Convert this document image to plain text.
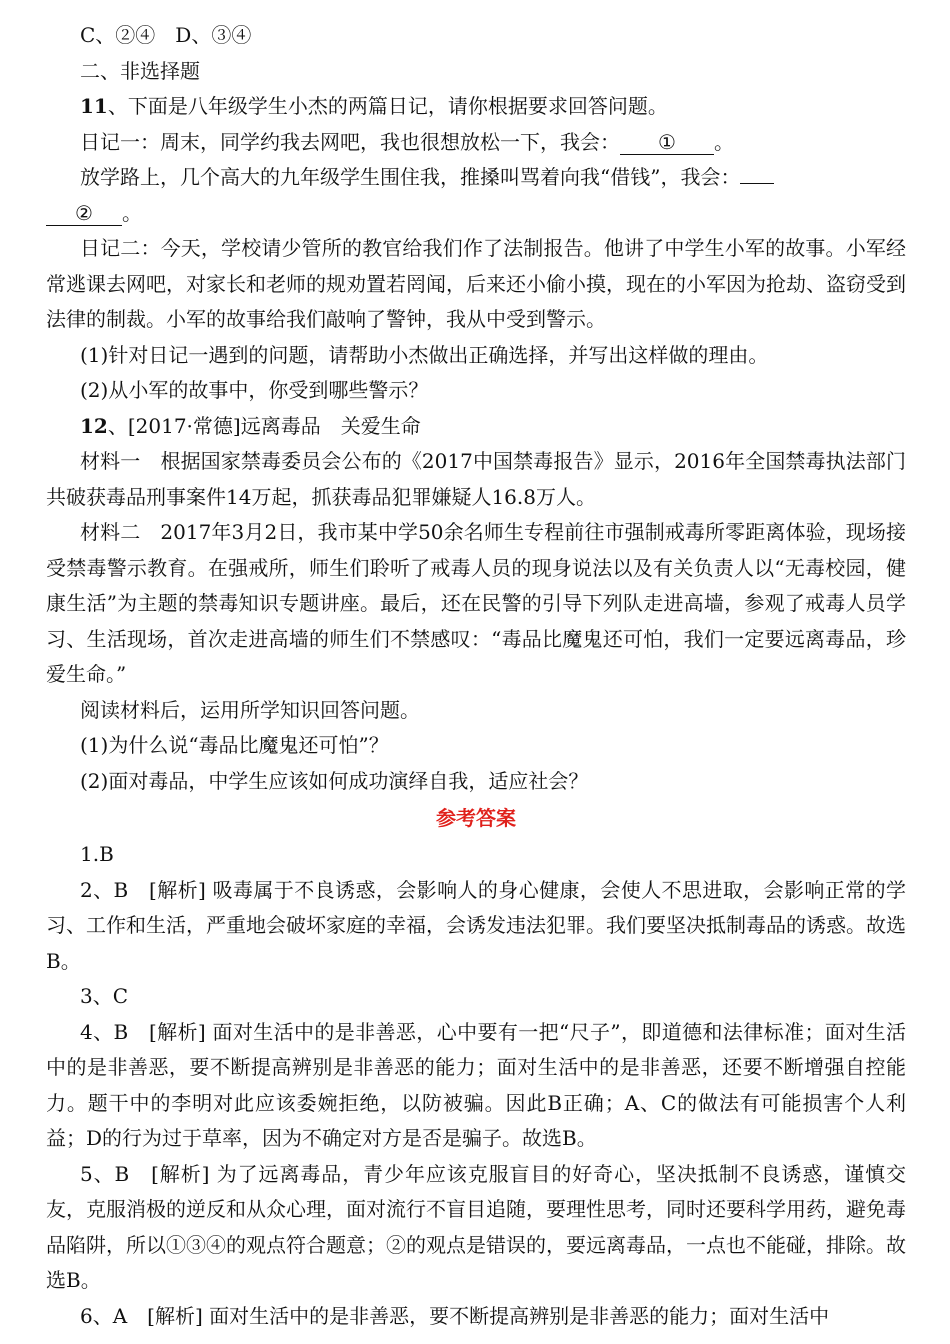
C、②④　D、③④

二、非选择题

11、下面是八年级学生小杰的两篇日记，请你根据要求回答问题。

日记一：周末，同学约我去网吧，我也很想放松一下，我会： ① 。

放学路上，几个高大的九年级学生围住我，推搡叫骂着向我“借钱”，我会：
② 。

日记二：今天，学校请少管所的教官给我们作了法制报告。他讲了中学生小军的故事。小军经常逃课去网吧，对家长和老师的规劝置若罔闻，后来还小偷小摸，现在的小军因为抢劫、盗窃受到法律的制裁。小军的故事给我们敲响了警钟，我从中受到警示。

(1)针对日记一遇到的问题，请帮助小杰做出正确选择，并写出这样做的理由。

(2)从小军的故事中，你受到哪些警示？

12、[2017·常德]远离毒品　关爱生命

材料一　根据国家禁毒委员会公布的《2017中国禁毒报告》显示，2016年全国禁毒执法部门共破获毒品刑事案件14万起，抓获毒品犯罪嫌疑人16.8万人。

材料二　2017年3月2日，我市某中学50余名师生专程前往市强制戒毒所零距离体验，现场接受禁毒警示教育。在强戒所，师生们聆听了戒毒人员的现身说法以及有关负责人以“无毒校园，健康生活”为主题的禁毒知识专题讲座。最后，还在民警的引导下列队走进高墙，参观了戒毒人员学习、生活现场，首次走进高墙的师生们不禁感叹：“毒品比魔鬼还可怕，我们一定要远离毒品，珍爱生命。”

阅读材料后，运用所学知识回答问题。

(1)为什么说“毒品比魔鬼还可怕”？

(2)面对毒品，中学生应该如何成功演绎自我，适应社会？

参考答案

1.B

2、B　[解析] 吸毒属于不良诱惑，会影响人的身心健康，会使人不思进取，会影响正常的学习、工作和生活，严重地会破坏家庭的幸福，会诱发违法犯罪。我们要坚决抵制毒品的诱惑。故选B。

3、C

4、B　[解析] 面对生活中的是非善恶，心中要有一把“尺子”，即道德和法律标准；面对生活中的是非善恶，要不断提高辨别是非善恶的能力；面对生活中的是非善恶，还要不断增强自控能力。题干中的李明对此应该委婉拒绝，以防被骗。因此B正确；A、C的做法有可能损害个人利益；D的行为过于草率，因为不确定对方是否是骗子。故选B。

5、B　[解析] 为了远离毒品，青少年应该克服盲目的好奇心，坚决抵制不良诱惑，谨慎交友，克服消极的逆反和从众心理，面对流行不盲目追随，要理性思考，同时还要科学用药，避免毒品陷阱，所以①③④的观点符合题意；②的观点是错误的，要远离毒品，一点也不能碰，排除。故选B。

6、A　[解析] 面对生活中的是非善恶，要不断提高辨别是非善恶的能力；面对生活中
